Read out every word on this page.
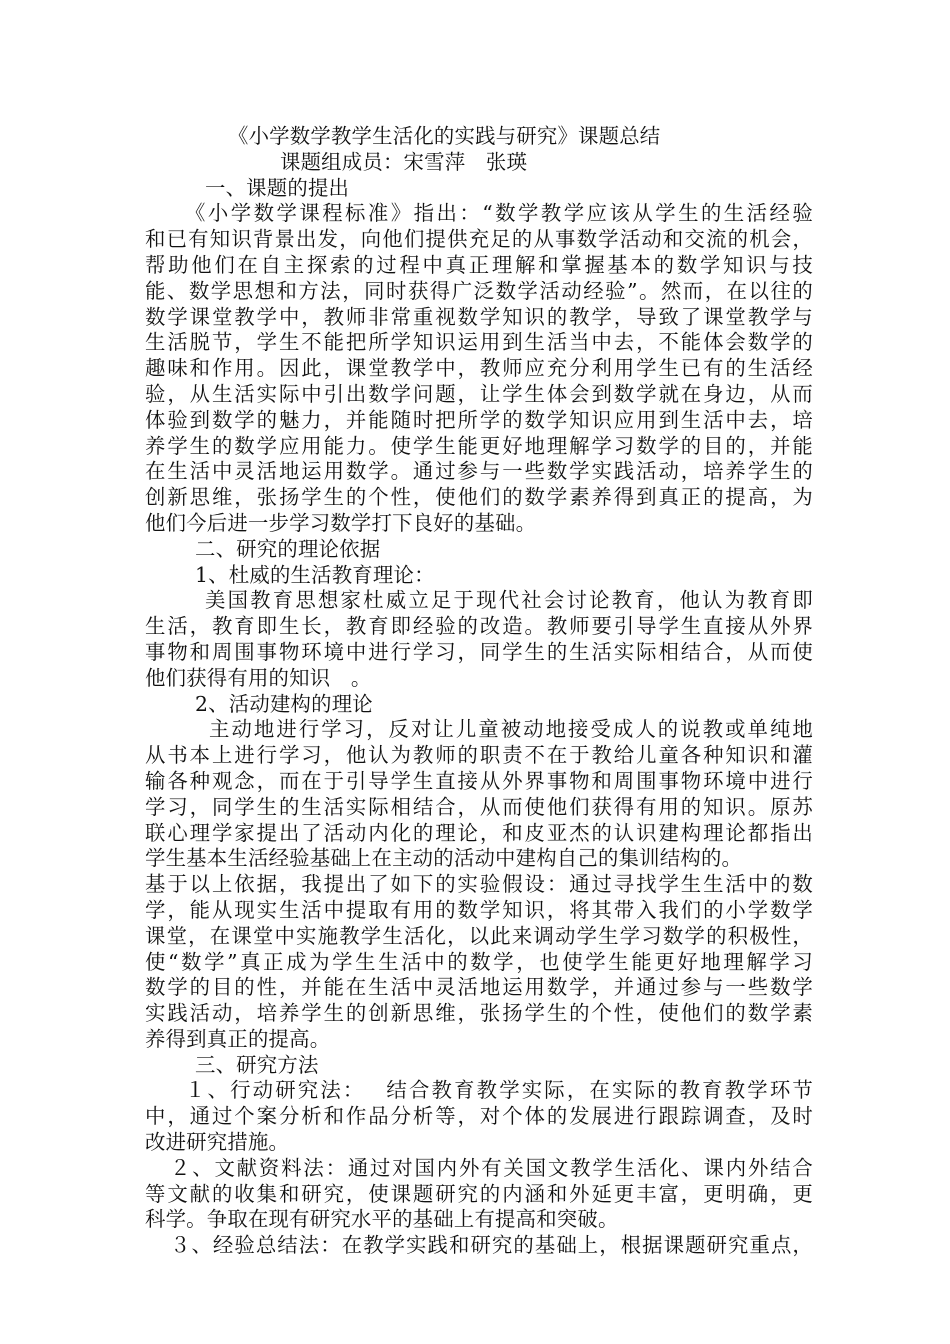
《小学数学教学生活化的实践与研究》课题总结
课题组成员：宋雪萍　张瑛
一、课题的提出
《小学数学课程标准》指出：“数学教学应该从学生的生活经验
和已有知识背景出发，向他们提供充足的从事数学活动和交流的机会，
帮助他们在自主探索的过程中真正理解和掌握基本的数学知识与技
能、数学思想和方法，同时获得广泛数学活动经验”。然而，在以往的
数学课堂教学中，教师非常重视数学知识的教学，导致了课堂教学与
生活脱节，学生不能把所学知识运用到生活当中去，不能体会数学的
趣味和作用。因此，课堂教学中，教师应充分利用学生已有的生活经
验，从生活实际中引出数学问题，让学生体会到数学就在身边，从而
体验到数学的魅力，并能随时把所学的数学知识应用到生活中去，培
养学生的数学应用能力。使学生能更好地理解学习数学的目的，并能
在生活中灵活地运用数学。通过参与一些数学实践活动，培养学生的
创新思维，张扬学生的个性，使他们的数学素养得到真正的提高，为
他们今后进一步学习数学打下良好的基础。
二、研究的理论依据
1、杜威的生活教育理论：
美国教育思想家杜威立足于现代社会讨论教育，他认为教育即
生活，教育即生长，教育即经验的改造。教师要引导学生直接从外界
事物和周围事物环境中进行学习，同学生的生活实际相结合，从而使
他们获得有用的知识　。
2、活动建构的理论
主动地进行学习，反对让儿童被动地接受成人的说教或单纯地
从书本上进行学习，他认为教师的职责不在于教给儿童各种知识和灌
输各种观念，而在于引导学生直接从外界事物和周围事物环境中进行
学习，同学生的生活实际相结合，从而使他们获得有用的知识。原苏
联心理学家提出了活动内化的理论，和皮亚杰的认识建构理论都指出
学生基本生活经验基础上在主动的活动中建构自己的集训结构的。
基于以上依据，我提出了如下的实验假设：通过寻找学生生活中的数
学，能从现实生活中提取有用的数学知识，将其带入我们的小学数学
课堂，在课堂中实施教学生活化，以此来调动学生学习数学的积极性，
使“数学”真正成为学生生活中的数学，也使学生能更好地理解学习
数学的目的性，并能在生活中灵活地运用数学，并通过参与一些数学
实践活动，培养学生的创新思维，张扬学生的个性，使他们的数学素
养得到真正的提高。
三、研究方法
１、行动研究法：　 结合教育教学实际，在实际的教育教学环节
中，通过个案分析和作品分析等，对个体的发展进行跟踪调查，及时
改进研究措施。
２、文献资料法：通过对国内外有关国文教学生活化、课内外结合
等文献的收集和研究，使课题研究的内涵和外延更丰富，更明确，更
科学。争取在现有研究水平的基础上有提高和突破。
３、经验总结法：在教学实践和研究的基础上，根据课题研究重点，
